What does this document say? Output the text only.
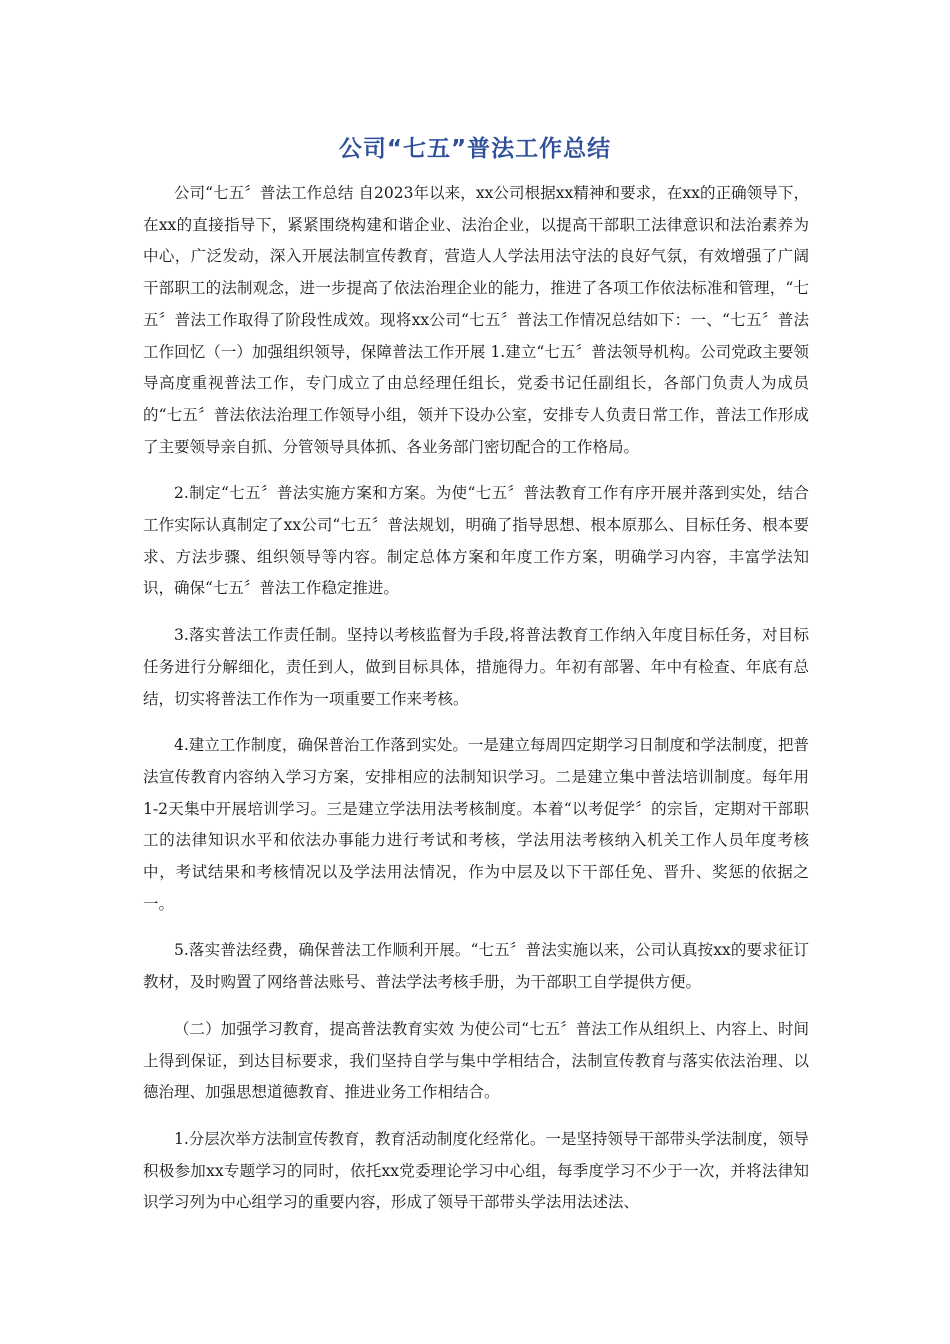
公司“七五”普法工作总结

公司“七五〞普法工作总结 自2023年以来，xx公司根据xx精神和要求，在xx的正确领导下，在xx的直接指导下，紧紧围绕构建和谐企业、法治企业，以提高干部职工法律意识和法治素养为中心，广泛发动，深入开展法制宣传教育，营造人人学法用法守法的良好气氛，有效增强了广阔干部职工的法制观念，进一步提高了依法治理企业的能力，推进了各项工作依法标准和管理，“七五〞普法工作取得了阶段性成效。现将xx公司“七五〞普法工作情况总结如下：一、“七五〞普法工作回忆（一）加强组织领导，保障普法工作开展 1.建立“七五〞普法领导机构。公司党政主要领导高度重视普法工作，专门成立了由总经理任组长，党委书记任副组长，各部门负责人为成员的“七五〞普法依法治理工作领导小组，领并下设办公室，安排专人负责日常工作，普法工作形成了主要领导亲自抓、分管领导具体抓、各业务部门密切配合的工作格局。

2.制定“七五〞普法实施方案和方案。为使“七五〞普法教育工作有序开展并落到实处，结合工作实际认真制定了xx公司“七五〞普法规划，明确了指导思想、根本原那么、目标任务、根本要求、方法步骤、组织领导等内容。制定总体方案和年度工作方案，明确学习内容，丰富学法知识，确保“七五〞普法工作稳定推进。

3.落实普法工作责任制。坚持以考核监督为手段,将普法教育工作纳入年度目标任务，对目标任务进行分解细化，责任到人，做到目标具体，措施得力。年初有部署、年中有检查、年底有总结，切实将普法工作作为一项重要工作来考核。

4.建立工作制度，确保普治工作落到实处。一是建立每周四定期学习日制度和学法制度，把普法宣传教育内容纳入学习方案，安排相应的法制知识学习。二是建立集中普法培训制度。每年用1-2天集中开展培训学习。三是建立学法用法考核制度。本着“以考促学〞的宗旨，定期对干部职工的法律知识水平和依法办事能力进行考试和考核，学法用法考核纳入机关工作人员年度考核中，考试结果和考核情况以及学法用法情况，作为中层及以下干部任免、晋升、奖惩的依据之一。

5.落实普法经费，确保普法工作顺利开展。“七五〞普法实施以来，公司认真按xx的要求征订教材，及时购置了网络普法账号、普法学法考核手册，为干部职工自学提供方便。

（二）加强学习教育，提高普法教育实效 为使公司“七五〞普法工作从组织上、内容上、时间上得到保证，到达目标要求，我们坚持自学与集中学相结合，法制宣传教育与落实依法治理、以德治理、加强思想道德教育、推进业务工作相结合。

1.分层次举方法制宣传教育，教育活动制度化经常化。一是坚持领导干部带头学法制度，领导积极参加xx专题学习的同时，依托xx党委理论学习中心组，每季度学习不少于一次，并将法律知识学习列为中心组学习的重要内容，形成了领导干部带头学法用法述法、
